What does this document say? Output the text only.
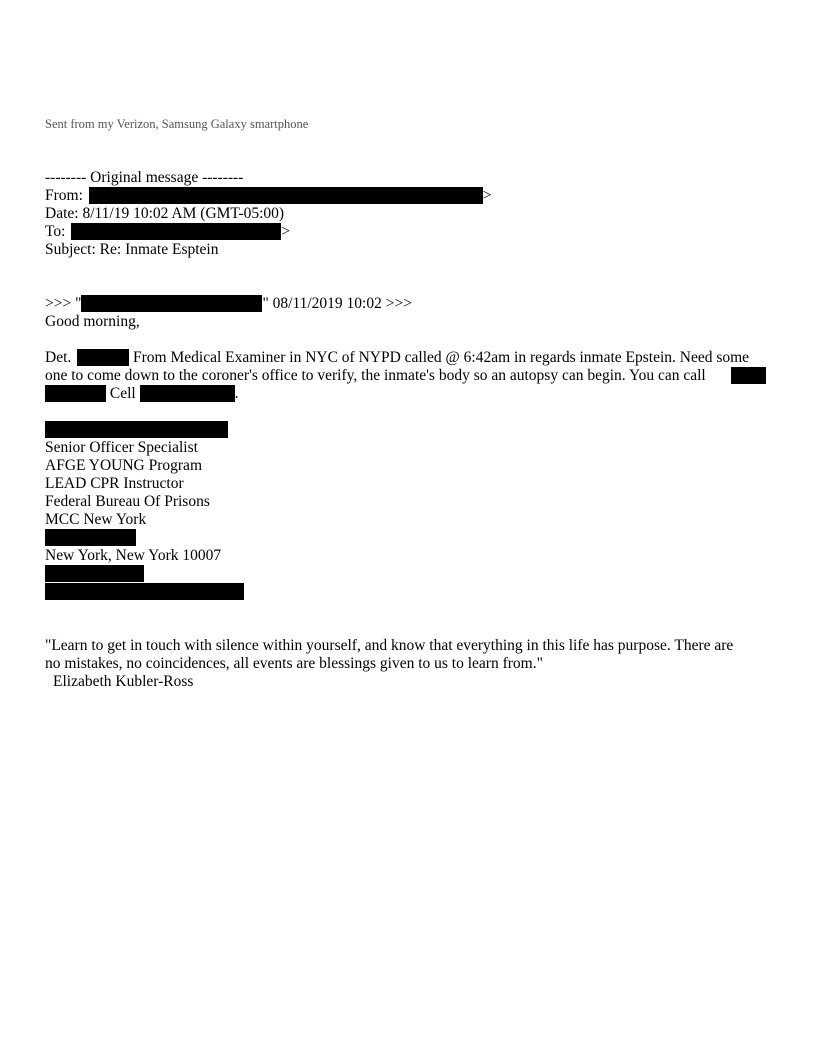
Sent from my Verizon, Samsung Galaxy smartphone
-------- Original message --------
From:	>
Date: 8/11/19 10:02 AM (GMT-05:00)
To:	>
Subject: Re: Inmate Esptein
>>> "	" 08/11/2019 10:02 >>>
Good morning,
Det.	From Medical Examiner in NYC of NYPD called @ 6:42am in regards inmate Epstein. Need some
one to come down to the coroner's office to verify, the inmate's body so an autopsy can begin. You can call
Cell	.
Senior Officer Specialist
AFGE YOUNG Program
LEAD CPR Instructor
Federal Bureau Of Prisons
MCC New York
New York, New York 10007
"Learn to get in touch with silence within yourself, and know that everything in this life has purpose. There are
no mistakes, no coincidences, all events are blessings given to us to learn from."
Elizabeth Kubler-Ross
